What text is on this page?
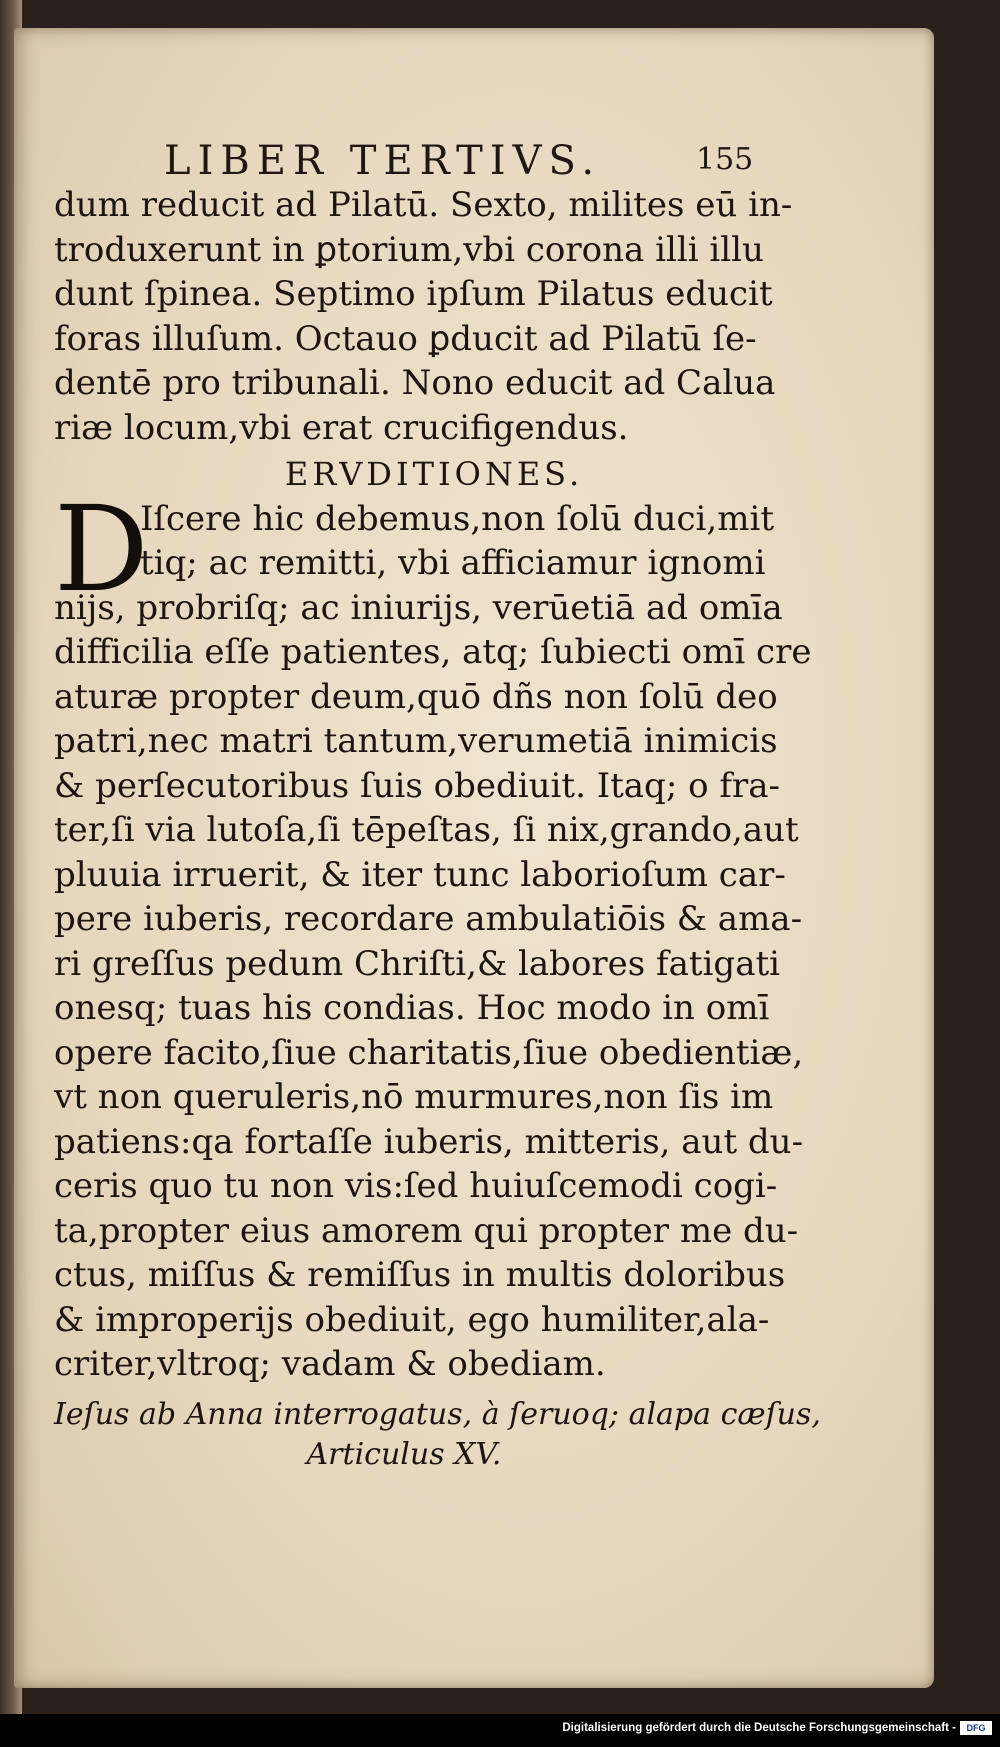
LIBER TERTIVS.	155
dum reducit ad Pilatū. Sexto, milites eū in-
troduxerunt in ꝑtorium,vbi corona illi illu
dunt ſpinea. Septimo ipſum Pilatus educit
foras illuſum. Octauo ꝑducit ad Pilatū ſe-
dentē pro tribunali. Nono educit ad Calua
riæ locum,vbi erat crucifigendus.
ERVDITIONES.
D
Iſcere hic debemus,non ſolū duci,mit
tiq; ac remitti, vbi afficiamur ignomi
nijs, probriſq; ac iniurijs, verūetiā ad omīa
difficilia eſſe patientes, atq; ſubiecti omī cre
aturæ propter deum,quō dñs non ſolū deo
patri,nec matri tantum,verumetiā inimicis
& perſecutoribus ſuis obediuit. Itaq; o fra-
ter,ſi via lutoſa,ſi tēpeſtas, ſi nix,grando,aut
pluuia irruerit, & iter tunc laborioſum car-
pere iuberis, recordare ambulatiōis & ama-
ri greſſus pedum Chriſti,& labores fatigati
onesq; tuas his condias. Hoc modo in omī
opere facito,ſiue charitatis,ſiue obedientiæ,
vt non queruleris,nō murmures,non ſis im
patiens:qa fortaſſe iuberis, mitteris, aut du-
ceris quo tu non vis:ſed huiuſcemodi cogi-
ta,propter eius amorem qui propter me du-
ctus, miſſus & remiſſus in multis doloribus
& improperijs obediuit, ego humiliter,ala-
criter,vltroq; vadam & obediam.
Ieſus ab Anna interrogatus, à ſeruoq; alapa cæſus,
Articulus XV.
Digitalisierung gefördert durch die Deutsche Forschungsgemeinschaft -	DFG
